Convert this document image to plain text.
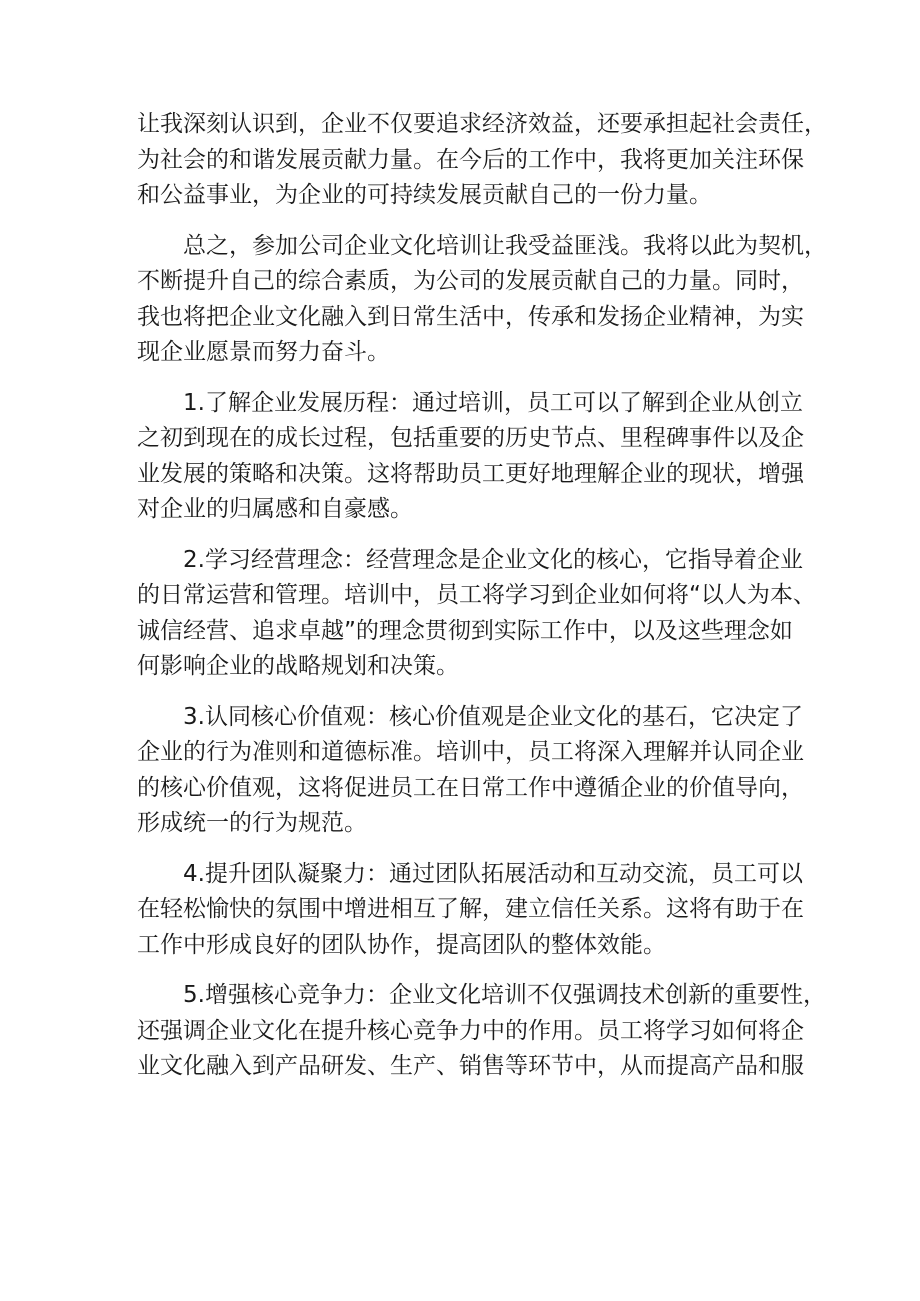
让我深刻认识到，企业不仅要追求经济效益，还要承担起社会责任，
为社会的和谐发展贡献力量。在今后的工作中，我将更加关注环保
和公益事业，为企业的可持续发展贡献自己的一份力量。

　　总之，参加公司企业文化培训让我受益匪浅。我将以此为契机，
不断提升自己的综合素质，为公司的发展贡献自己的力量。同时，
我也将把企业文化融入到日常生活中，传承和发扬企业精神，为实
现企业愿景而努力奋斗。

　　1.了解企业发展历程：通过培训，员工可以了解到企业从创立
之初到现在的成长过程，包括重要的历史节点、里程碑事件以及企
业发展的策略和决策。这将帮助员工更好地理解企业的现状，增强
对企业的归属感和自豪感。

　　2.学习经营理念：经营理念是企业文化的核心，它指导着企业
的日常运营和管理。培训中，员工将学习到企业如何将“以人为本、
诚信经营、追求卓越”的理念贯彻到实际工作中，以及这些理念如
何影响企业的战略规划和决策。

　　3.认同核心价值观：核心价值观是企业文化的基石，它决定了
企业的行为准则和道德标准。培训中，员工将深入理解并认同企业
的核心价值观，这将促进员工在日常工作中遵循企业的价值导向，
形成统一的行为规范。

　　4.提升团队凝聚力：通过团队拓展活动和互动交流，员工可以
在轻松愉快的氛围中增进相互了解，建立信任关系。这将有助于在
工作中形成良好的团队协作，提高团队的整体效能。

　　5.增强核心竞争力：企业文化培训不仅强调技术创新的重要性，
还强调企业文化在提升核心竞争力中的作用。员工将学习如何将企
业文化融入到产品研发、生产、销售等环节中，从而提高产品和服
